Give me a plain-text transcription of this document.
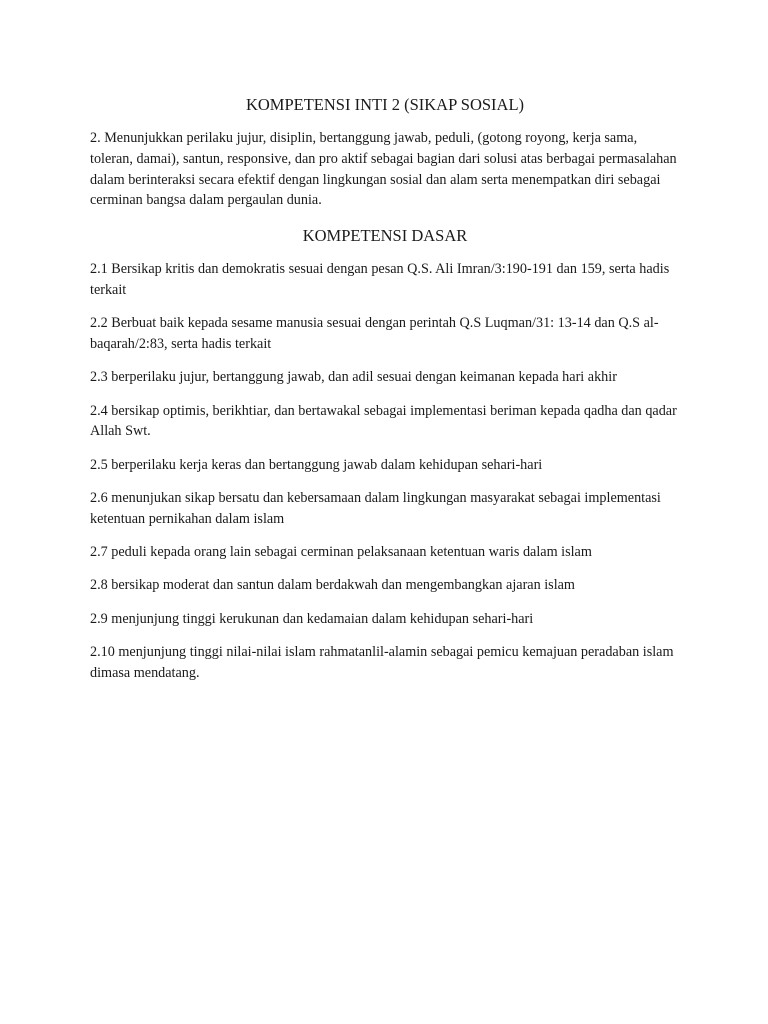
KOMPETENSI INTI 2 (SIKAP SOSIAL)

2. Menunjukkan perilaku jujur, disiplin, bertanggung jawab, peduli, (gotong royong, kerja sama, toleran, damai), santun, responsive, dan pro aktif sebagai bagian dari solusi atas berbagai permasalahan dalam berinteraksi secara efektif dengan lingkungan sosial dan alam serta menempatkan diri sebagai cerminan bangsa dalam pergaulan dunia.

KOMPETENSI DASAR
2.1 Bersikap kritis dan demokratis sesuai dengan pesan Q.S. Ali Imran/3:190-191 dan 159, serta hadis terkait
2.2 Berbuat baik kepada sesame manusia sesuai dengan perintah Q.S Luqman/31: 13-14 dan Q.S al-baqarah/2:83, serta hadis terkait
2.3 berperilaku jujur, bertanggung jawab, dan adil sesuai dengan keimanan kepada hari akhir
2.4 bersikap optimis, berikhtiar, dan bertawakal sebagai implementasi beriman kepada qadha dan qadar Allah Swt.
2.5 berperilaku kerja keras dan bertanggung jawab dalam kehidupan sehari-hari
2.6 menunjukan sikap bersatu dan kebersamaan dalam lingkungan masyarakat sebagai implementasi ketentuan pernikahan dalam islam
2.7 peduli kepada orang lain sebagai cerminan pelaksanaan ketentuan waris dalam islam
2.8 bersikap moderat dan santun dalam berdakwah dan mengembangkan ajaran islam
2.9 menjunjung tinggi kerukunan dan kedamaian dalam kehidupan sehari-hari
2.10 menjunjung tinggi nilai-nilai islam rahmatanlil-alamin sebagai pemicu kemajuan peradaban islam dimasa mendatang.
